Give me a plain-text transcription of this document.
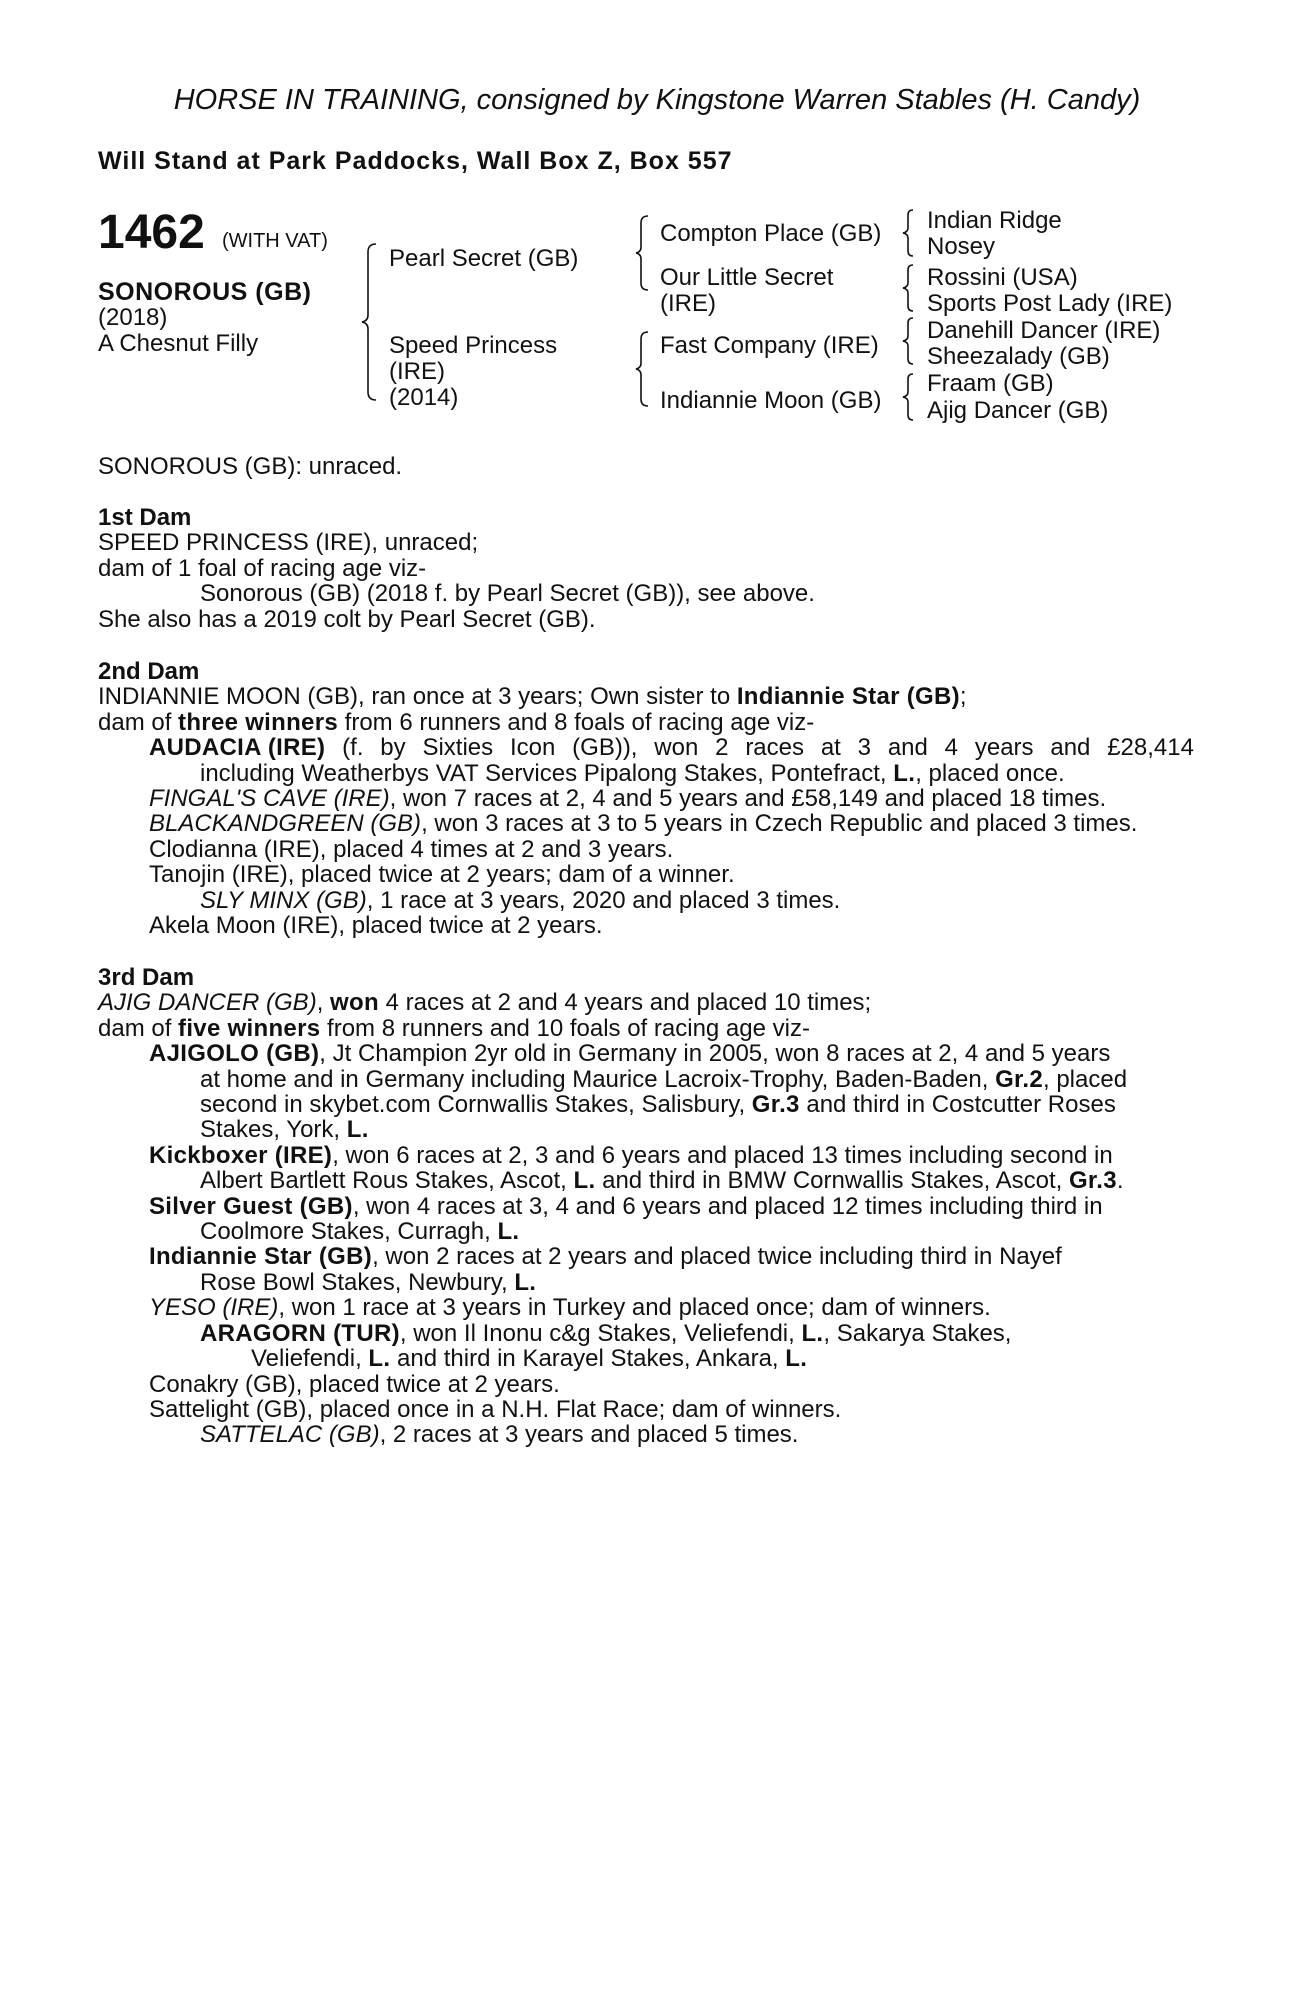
HORSE IN TRAINING, consigned by Kingstone Warren Stables (H. Candy)
Will Stand at Park Paddocks, Wall Box Z, Box 557
1462 (WITH VAT)
SONOROUS (GB)
(2018)
A Chesnut Filly
Pearl Secret (GB)
Speed Princess
(IRE)
(2014)
Compton Place (GB)
Our Little Secret
(IRE)
Fast Company (IRE)
Indiannie Moon (GB)
Indian Ridge
Nosey
Rossini (USA)
Sports Post Lady (IRE)
Danehill Dancer (IRE)
Sheezalady (GB)
Fraam (GB)
Ajig Dancer (GB)
SONOROUS (GB): unraced.
1st Dam
SPEED PRINCESS (IRE), unraced;
dam of 1 foal of racing age viz-
Sonorous (GB) (2018 f. by Pearl Secret (GB)), see above.
She also has a 2019 colt by Pearl Secret (GB).
2nd Dam
INDIANNIE MOON (GB), ran once at 3 years; Own sister to Indiannie Star (GB);
dam of three winners from 6 runners and 8 foals of racing age viz-
AUDACIA (IRE) (f. by Sixties Icon (GB)), won 2 races at 3 and 4 years and £28,414
including Weatherbys VAT Services Pipalong Stakes, Pontefract, L., placed once.
FINGAL'S CAVE (IRE), won 7 races at 2, 4 and 5 years and £58,149 and placed 18 times.
BLACKANDGREEN (GB), won 3 races at 3 to 5 years in Czech Republic and placed 3 times.
Clodianna (IRE), placed 4 times at 2 and 3 years.
Tanojin (IRE), placed twice at 2 years; dam of a winner.
SLY MINX (GB), 1 race at 3 years, 2020 and placed 3 times.
Akela Moon (IRE), placed twice at 2 years.
3rd Dam
AJIG DANCER (GB), won 4 races at 2 and 4 years and placed 10 times;
dam of five winners from 8 runners and 10 foals of racing age viz-
AJIGOLO (GB), Jt Champion 2yr old in Germany in 2005, won 8 races at 2, 4 and 5 years
at home and in Germany including Maurice Lacroix-Trophy, Baden-Baden, Gr.2, placed
second in skybet.com Cornwallis Stakes, Salisbury, Gr.3 and third in Costcutter Roses
Stakes, York, L.
Kickboxer (IRE), won 6 races at 2, 3 and 6 years and placed 13 times including second in
Albert Bartlett Rous Stakes, Ascot, L. and third in BMW Cornwallis Stakes, Ascot, Gr.3.
Silver Guest (GB), won 4 races at 3, 4 and 6 years and placed 12 times including third in
Coolmore Stakes, Curragh, L.
Indiannie Star (GB), won 2 races at 2 years and placed twice including third in Nayef
Rose Bowl Stakes, Newbury, L.
YESO (IRE), won 1 race at 3 years in Turkey and placed once; dam of winners.
ARAGORN (TUR), won Il Inonu c&g Stakes, Veliefendi, L., Sakarya Stakes,
Veliefendi, L. and third in Karayel Stakes, Ankara, L.
Conakry (GB), placed twice at 2 years.
Sattelight (GB), placed once in a N.H. Flat Race; dam of winners.
SATTELAC (GB), 2 races at 3 years and placed 5 times.
